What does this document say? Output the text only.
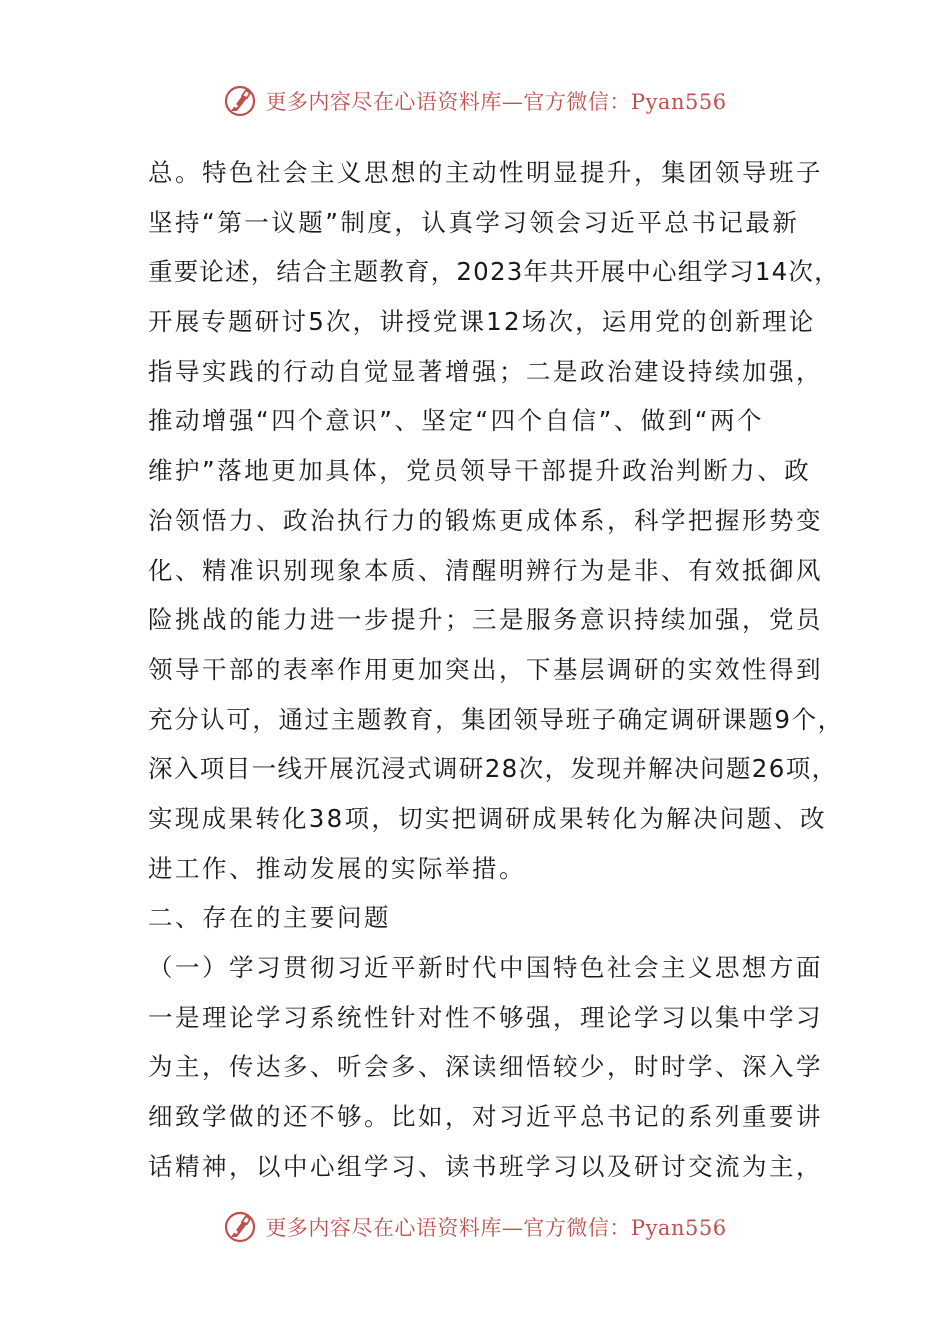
更多内容尽在心语资料库—官方微信：Pyan556
总。特色社会主义思想的主动性明显提升，集团领导班子
坚持“第一议题”制度，认真学习领会习近平总书记最新
重要论述，结合主题教育，2023年共开展中心组学习14次，
开展专题研讨5次，讲授党课12场次，运用党的创新理论
指导实践的行动自觉显著增强；二是政治建设持续加强，
推动增强“四个意识”、坚定“四个自信”、做到“两个
维护”落地更加具体，党员领导干部提升政治判断力、政
治领悟力、政治执行力的锻炼更成体系，科学把握形势变
化、精准识别现象本质、清醒明辨行为是非、有效抵御风
险挑战的能力进一步提升；三是服务意识持续加强，党员
领导干部的表率作用更加突出，下基层调研的实效性得到
充分认可，通过主题教育，集团领导班子确定调研课题9个，
深入项目一线开展沉浸式调研28次，发现并解决问题26项，
实现成果转化38项，切实把调研成果转化为解决问题、改
进工作、推动发展的实际举措。
二、存在的主要问题
（一）学习贯彻习近平新时代中国特色社会主义思想方面
一是理论学习系统性针对性不够强，理论学习以集中学习
为主，传达多、听会多、深读细悟较少，时时学、深入学
细致学做的还不够。比如，对习近平总书记的系列重要讲
话精神，以中心组学习、读书班学习以及研讨交流为主，
更多内容尽在心语资料库—官方微信：Pyan556
